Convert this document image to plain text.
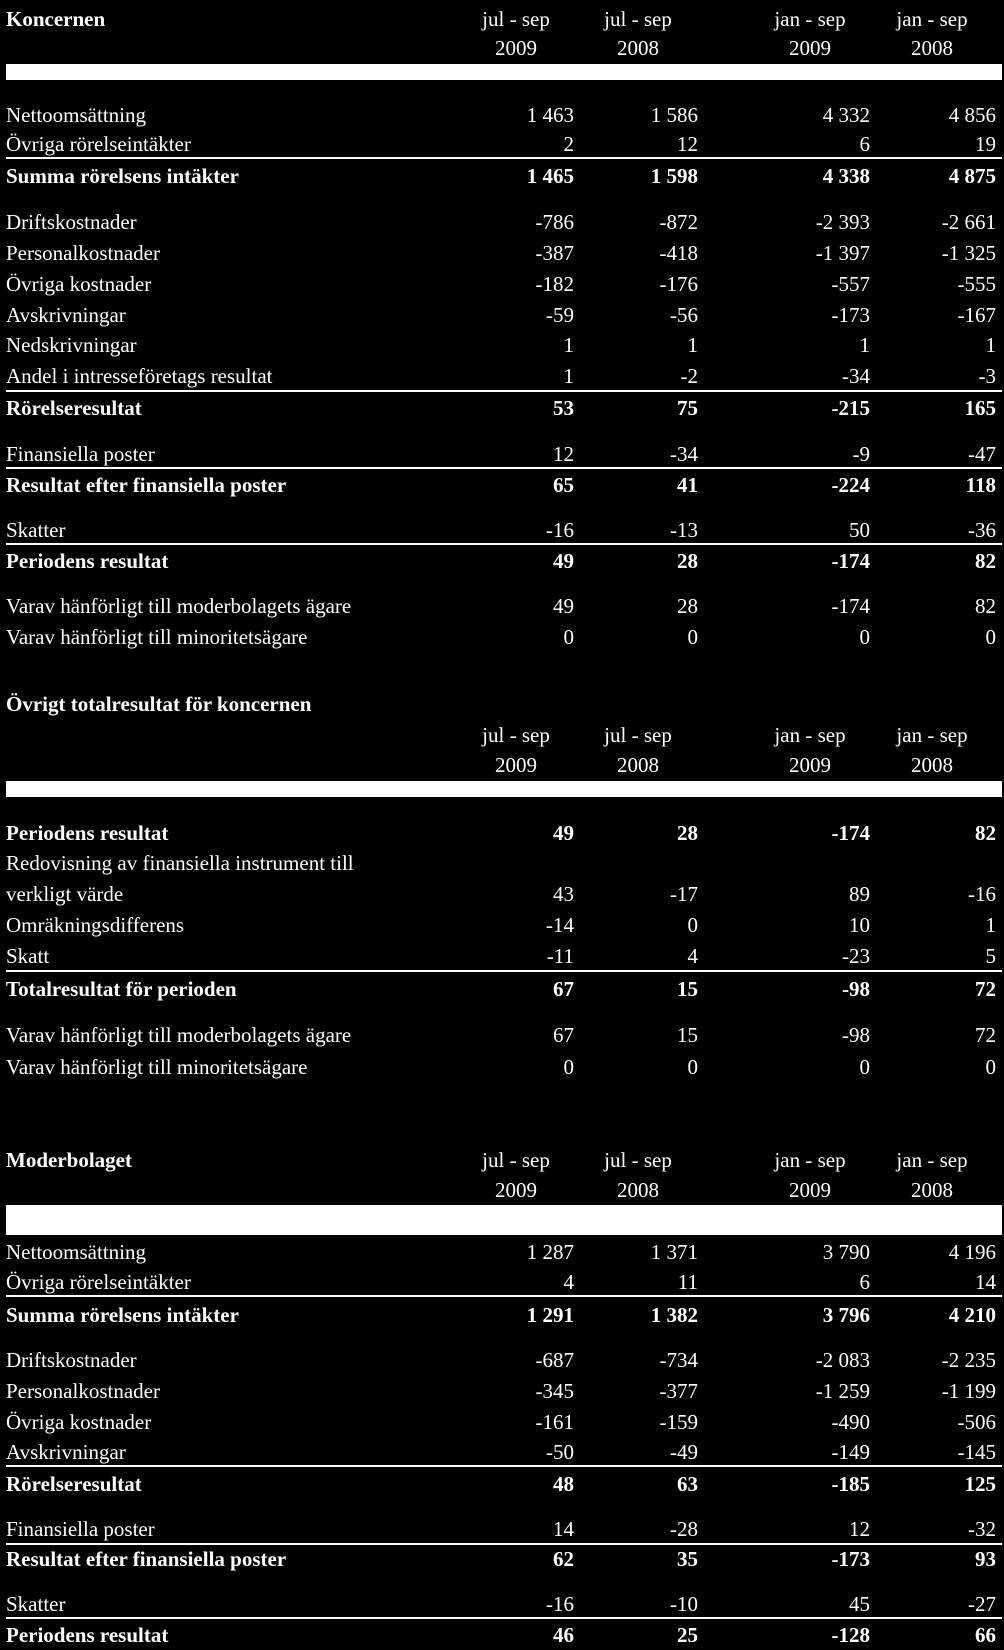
Koncernen	jul - sep	jul - sep	jan - sep	jan - sep
2009	2008	2009	2008
Nettoomsättning	1 463	1 586	4 332	4 856
Övriga rörelseintäkter	2	12	6	19
Summa rörelsens intäkter	1 465	1 598	4 338	4 875
Driftskostnader	-786	-872	-2 393	-2 661
Personalkostnader	-387	-418	-1 397	-1 325
Övriga kostnader	-182	-176	-557	-555
Avskrivningar	-59	-56	-173	-167
Nedskrivningar	1	1	1	1
Andel i intresseföretags resultat	1	-2	-34	-3
Rörelseresultat	53	75	-215	165
Finansiella poster	12	-34	-9	-47
Resultat efter finansiella poster	65	41	-224	118
Skatter	-16	-13	50	-36
Periodens resultat	49	28	-174	82
Varav hänförligt till moderbolagets ägare	49	28	-174	82
Varav hänförligt till minoritetsägare	0	0	0	0
Övrigt totalresultat för koncernen
jul - sep	jul - sep	jan - sep	jan - sep
2009	2008	2009	2008
Periodens resultat	49	28	-174	82
Redovisning av finansiella instrument till
verkligt värde	43	-17	89	-16
Omräkningsdifferens	-14	0	10	1
Skatt	-11	4	-23	5
Totalresultat för perioden	67	15	-98	72
Varav hänförligt till moderbolagets ägare	67	15	-98	72
Varav hänförligt till minoritetsägare	0	0	0	0
Moderbolaget	jul - sep	jul - sep	jan - sep	jan - sep
2009	2008	2009	2008
Nettoomsättning	1 287	1 371	3 790	4 196
Övriga rörelseintäkter	4	11	6	14
Summa rörelsens intäkter	1 291	1 382	3 796	4 210
Driftskostnader	-687	-734	-2 083	-2 235
Personalkostnader	-345	-377	-1 259	-1 199
Övriga kostnader	-161	-159	-490	-506
Avskrivningar	-50	-49	-149	-145
Rörelseresultat	48	63	-185	125
Finansiella poster	14	-28	12	-32
Resultat efter finansiella poster	62	35	-173	93
Skatter	-16	-10	45	-27
Periodens resultat	46	25	-128	66
